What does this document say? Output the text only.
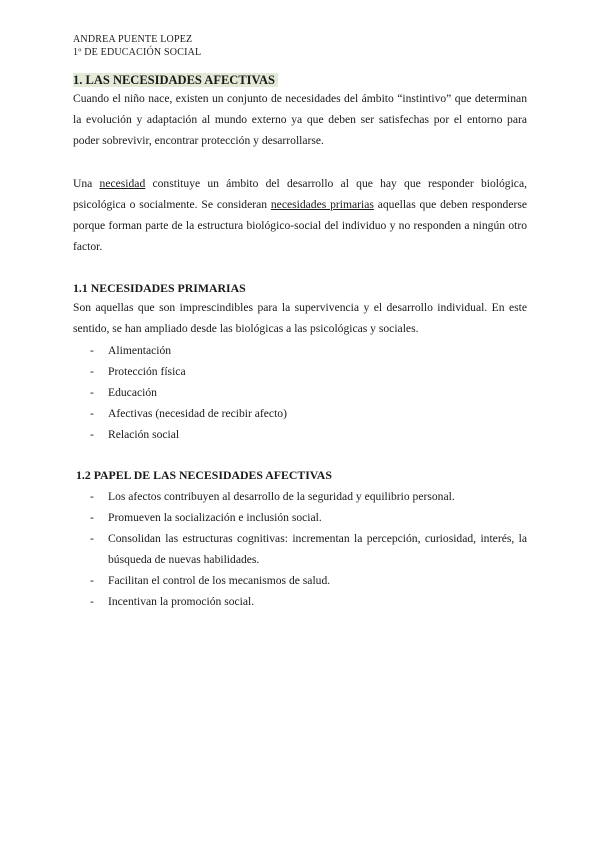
ANDREA PUENTE LOPEZ
1º DE EDUCACIÓN SOCIAL
1. LAS NECESIDADES AFECTIVAS

Cuando el niño nace, existen un conjunto de necesidades del ámbito “instintivo” que determinan la evolución y adaptación al mundo externo ya que deben ser satisfechas por el entorno para poder sobrevivir, encontrar protección y desarrollarse.

Una necesidad constituye un ámbito del desarrollo al que hay que responder biológica, psicológica o socialmente. Se consideran necesidades primarias aquellas que deben responderse porque forman parte de la estructura biológico-social del individuo y no responden a ningún otro factor.

1.1 NECESIDADES PRIMARIAS

Son aquellas que son imprescindibles para la supervivencia y el desarrollo individual. En este sentido, se han ampliado desde las biológicas a las psicológicas y sociales.

- Alimentación
- Protección física
- Educación
- Afectivas (necesidad de recibir afecto)
- Relación social
1.2 PAPEL DE LAS NECESIDADES AFECTIVAS
- Los afectos contribuyen al desarrollo de la seguridad y equilibrio personal.
- Promueven la socialización e inclusión social.
- Consolidan las estructuras cognitivas: incrementan la percepción, curiosidad, interés, la búsqueda de nuevas habilidades.
- Facilitan el control de los mecanismos de salud.
- Incentivan la promoción social.
